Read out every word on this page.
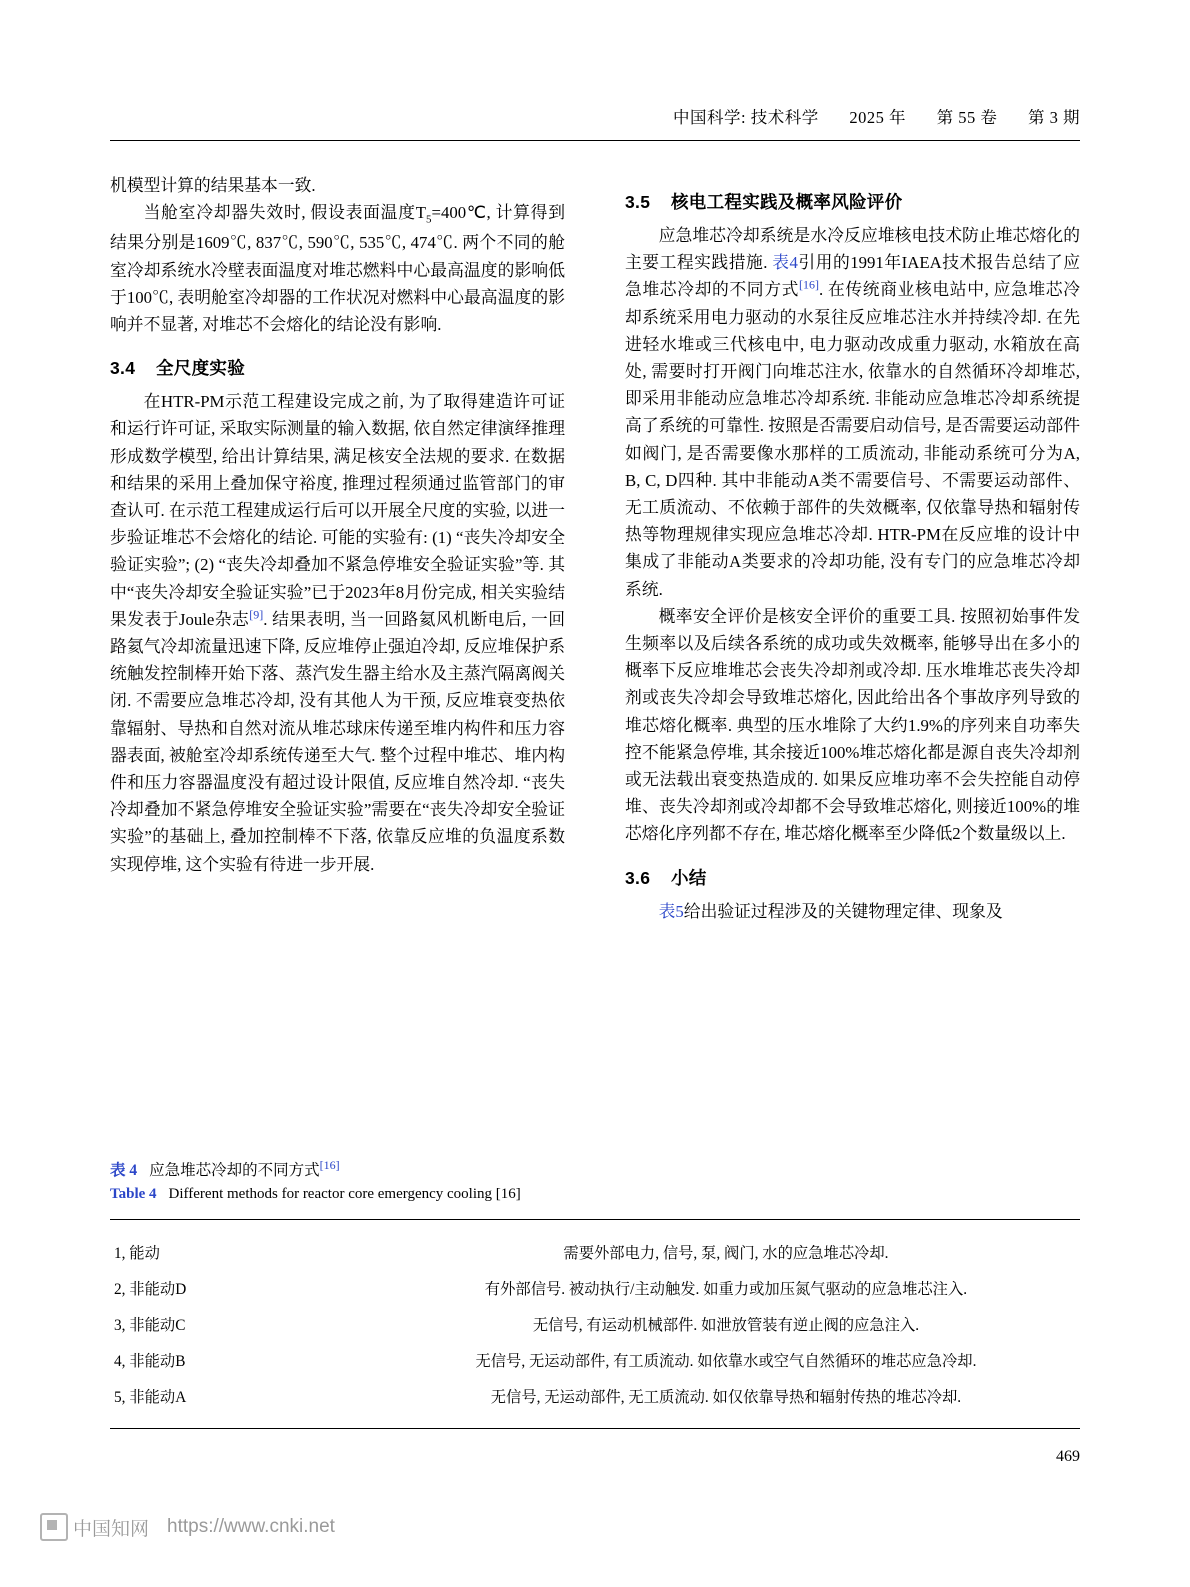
中国科学: 技术科学 2025 年 第 55 卷 第 3 期

机模型计算的结果基本一致.

当舱室冷却器失效时, 假设表面温度$T_5=400℃$, 计算得到结果分别是1609℃, 837℃, 590℃, 535℃, 474℃. 两个不同的舱室冷却系统水冷壁表面温度对堆芯燃料中心最高温度的影响低于100℃, 表明舱室冷却器的工作状况对燃料中心最高温度的影响并不显著, 对堆芯不会熔化的结论没有影响.

3.4 全尺度实验

在HTR-PM示范工程建设完成之前, 为了取得建造许可证和运行许可证, 采取实际测量的输入数据, 依自然定律演绎推理形成数学模型, 给出计算结果, 满足核安全法规的要求. 在数据和结果的采用上叠加保守裕度, 推理过程须通过监管部门的审查认可. 在示范工程建成运行后可以开展全尺度的实验, 以进一步验证堆芯不会熔化的结论. 可能的实验有: (1) “丧失冷却安全验证实验”; (2) “丧失冷却叠加不紧急停堆安全验证实验”等. 其中“丧失冷却安全验证实验”已于2023年8月份完成, 相关实验结果发表于Joule杂志[9]. 结果表明, 当一回路氦风机断电后, 一回路氦气冷却流量迅速下降, 反应堆停止强迫冷却, 反应堆保护系统触发控制棒开始下落、蒸汽发生器主给水及主蒸汽隔离阀关闭. 不需要应急堆芯冷却, 没有其他人为干预, 反应堆衰变热依靠辐射、导热和自然对流从堆芯球床传递至堆内构件和压力容器表面, 被舱室冷却系统传递至大气. 整个过程中堆芯、堆内构件和压力容器温度没有超过设计限值, 反应堆自然冷却. “丧失冷却叠加不紧急停堆安全验证实验”需要在“丧失冷却安全验证实验”的基础上, 叠加控制棒不下落, 依靠反应堆的负温度系数实现停堆, 这个实验有待进一步开展.

3.5 核电工程实践及概率风险评价

应急堆芯冷却系统是水冷反应堆核电技术防止堆芯熔化的主要工程实践措施. 表4引用的1991年IAEA技术报告总结了应急堆芯冷却的不同方式[16]. 在传统商业核电站中, 应急堆芯冷却系统采用电力驱动的水泵往反应堆芯注水并持续冷却. 在先进轻水堆或三代核电中, 电力驱动改成重力驱动, 水箱放在高处, 需要时打开阀门向堆芯注水, 依靠水的自然循环冷却堆芯, 即采用非能动应急堆芯冷却系统. 非能动应急堆芯冷却系统提高了系统的可靠性. 按照是否需要启动信号, 是否需要运动部件如阀门, 是否需要像水那样的工质流动, 非能动系统可分为A, B, C, D四种. 其中非能动A类不需要信号、不需要运动部件、无工质流动、不依赖于部件的失效概率, 仅依靠导热和辐射传热等物理规律实现应急堆芯冷却. HTR-PM在反应堆的设计中集成了非能动A类要求的冷却功能, 没有专门的应急堆芯冷却系统.

概率安全评价是核安全评价的重要工具. 按照初始事件发生频率以及后续各系统的成功或失效概率, 能够导出在多小的概率下反应堆堆芯会丧失冷却剂或冷却. 压水堆堆芯丧失冷却剂或丧失冷却会导致堆芯熔化, 因此给出各个事故序列导致的堆芯熔化概率. 典型的压水堆除了大约1.9%的序列来自功率失控不能紧急停堆, 其余接近100%堆芯熔化都是源自丧失冷却剂或无法载出衰变热造成的. 如果反应堆功率不会失控能自动停堆、丧失冷却剂或冷却都不会导致堆芯熔化, 则接近100%的堆芯熔化序列都不存在, 堆芯熔化概率至少降低2个数量级以上.

3.6 小结

表5给出验证过程涉及的关键物理定律、现象及

表 4 应急堆芯冷却的不同方式[16]
Table 4 Different methods for reactor core emergency cooling [16]

1, 能动	需要外部电力, 信号, 泵, 阀门, 水的应急堆芯冷却.
2, 非能动D	有外部信号. 被动执行/主动触发. 如重力或加压氮气驱动的应急堆芯注入.
3, 非能动C	无信号, 有运动机械部件. 如泄放管装有逆止阀的应急注入.
4, 非能动B	无信号, 无运动部件, 有工质流动. 如依靠水或空气自然循环的堆芯应急冷却.
5, 非能动A	无信号, 无运动部件, 无工质流动. 如仅依靠导热和辐射传热的堆芯冷却.

469
中国知网 https://www.cnki.net
